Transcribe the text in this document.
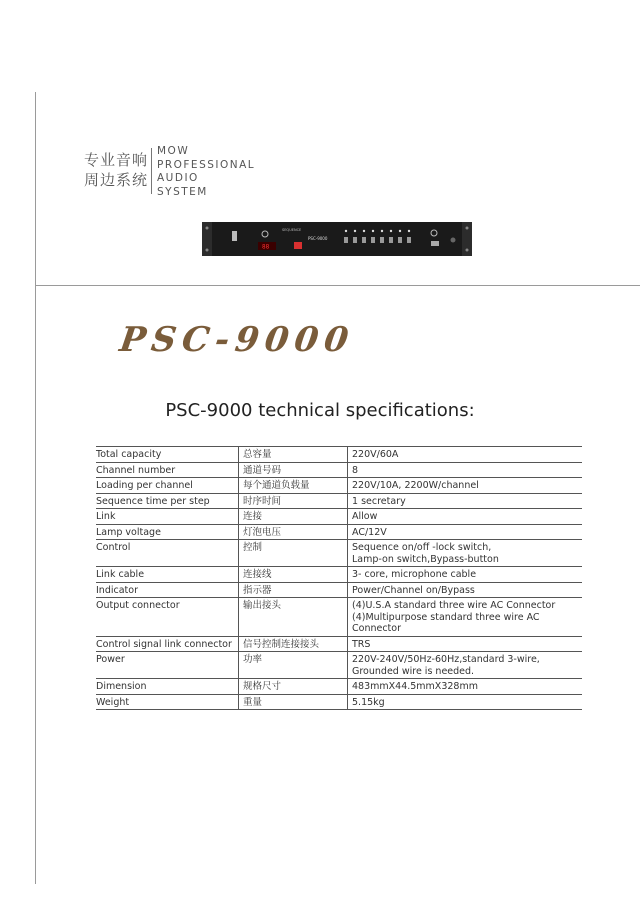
专业音响
周边系统
MOW
PROFESSIONAL
AUDIO
SYSTEM
88
SEQUENCE
PSC-9000
PSC-9000
PSC-9000 technical specifications:
Total capacity	总容量	220V/60A

Channel number	通道号码	8

Loading per channel	每个通道负载量	220V/10A, 2200W/channel

Sequence time per step	时序时间	1 secretary

Link	连接	Allow

Lamp voltage	灯泡电压	AC/12V

Control	控制	Sequence on/off -lock switch,
Lamp-on switch,Bypass-button

Link cable	连接线	3- core, microphone cable

Indicator	指示器	Power/Channel on/Bypass

Output connector	输出接头	(4)U.S.A standard three wire AC Connector
(4)Multipurpose standard three wire AC Connector

Control signal link connector	信号控制连接接头	TRS

Power	功率	220V-240V/50Hz-60Hz,standard 3-wire,
Grounded wire is needed.

Dimension	规格尺寸	483mmX44.5mmX328mm

Weight	重量	5.15kg
